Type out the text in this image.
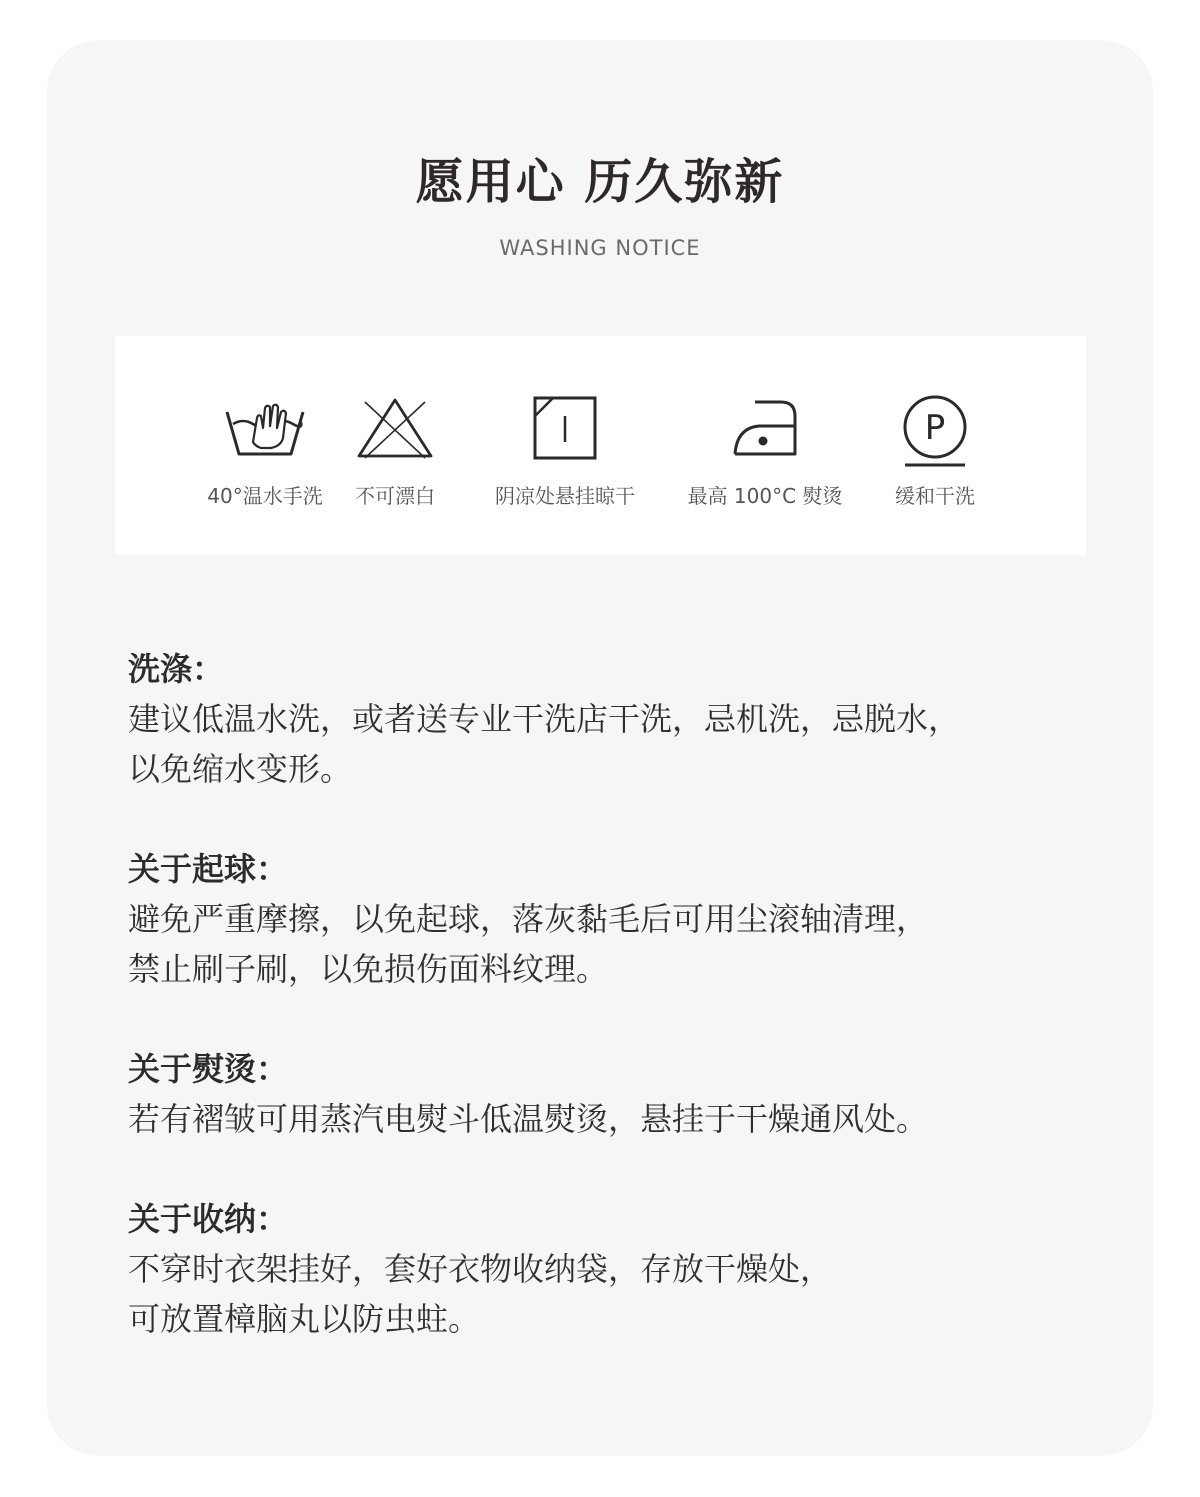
愿用心 历久弥新
WASHING NOTICE
40°温水手洗	不可漂白	阴凉处悬挂晾干	最高 100°C 熨烫
P
缓和干洗

洗涤：

建议低温水洗，或者送专业干洗店干洗，忌机洗，忌脱水，

以免缩水变形。

关于起球：

避免严重摩擦，以免起球，落灰黏毛后可用尘滚轴清理，

禁止刷子刷，以免损伤面料纹理。

关于熨烫：

若有褶皱可用蒸汽电熨斗低温熨烫，悬挂于干燥通风处。

关于收纳：

不穿时衣架挂好，套好衣物收纳袋，存放干燥处，

可放置樟脑丸以防虫蛀。
